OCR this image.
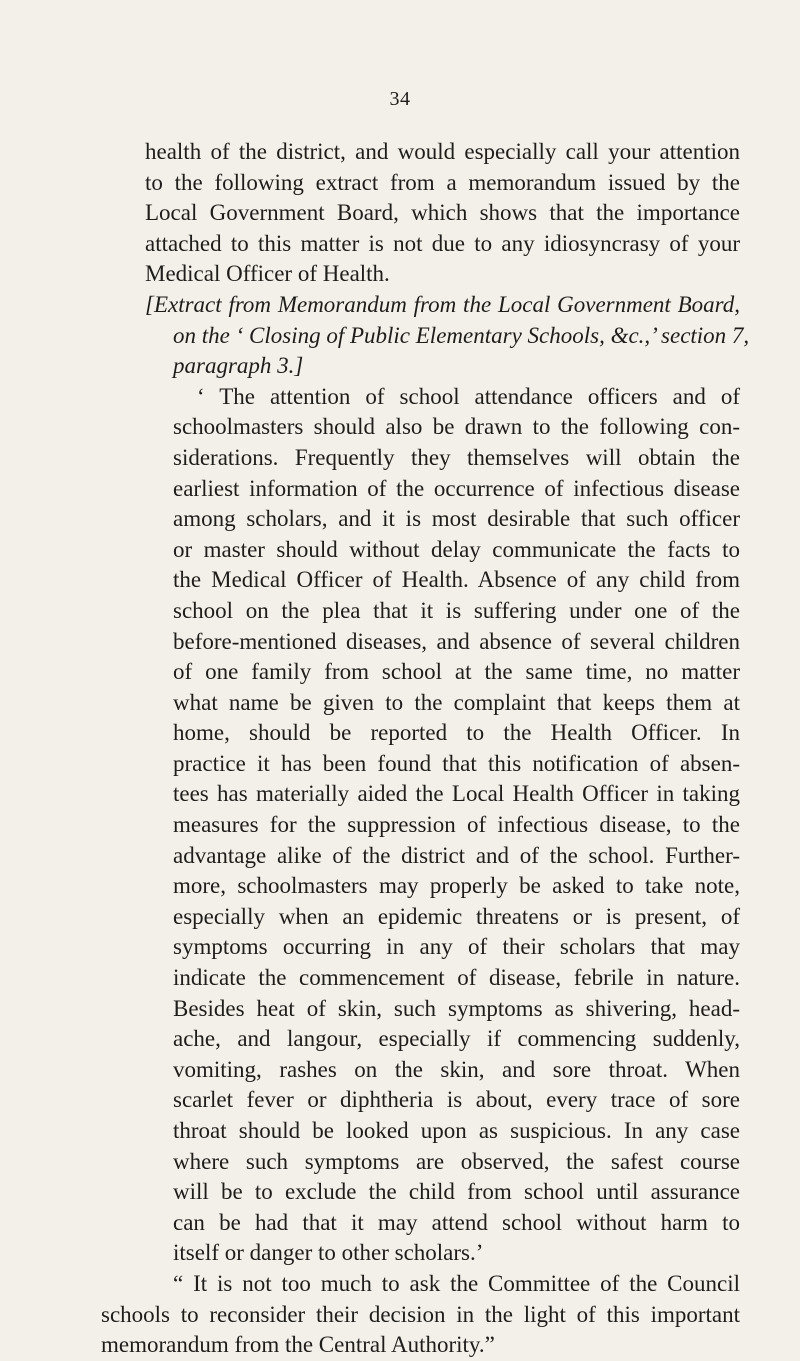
34
health of the district, and would especially call your attention
to the following extract from a memorandum issued by the
Local Government Board, which shows that the importance
attached to this matter is not due to any idiosyncrasy of your
Medical Officer of Health.
[Extract from Memorandum from the Local Government Board,
on the ‘ Closing of Public Elementary Schools, &c.,’ section 7,
paragraph 3.]
‘ The attention of school attendance officers and of
schoolmasters should also be drawn to the following con-
siderations. Frequently they themselves will obtain the
earliest information of the occurrence of infectious disease
among scholars, and it is most desirable that such officer
or master should without delay communicate the facts to
the Medical Officer of Health. Absence of any child from
school on the plea that it is suffering under one of the
before-mentioned diseases, and absence of several children
of one family from school at the same time, no matter
what name be given to the complaint that keeps them at
home, should be reported to the Health Officer. In
practice it has been found that this notification of absen-
tees has materially aided the Local Health Officer in taking
measures for the suppression of infectious disease, to the
advantage alike of the district and of the school. Further-
more, schoolmasters may properly be asked to take note,
especially when an epidemic threatens or is present, of
symptoms occurring in any of their scholars that may
indicate the commencement of disease, febrile in nature.
Besides heat of skin, such symptoms as shivering, head-
ache, and langour, especially if commencing suddenly,
vomiting, rashes on the skin, and sore throat. When
scarlet fever or diphtheria is about, every trace of sore
throat should be looked upon as suspicious. In any case
where such symptoms are observed, the safest course
will be to exclude the child from school until assurance
can be had that it may attend school without harm to
itself or danger to other scholars.’
“ It is not too much to ask the Committee of the Council
schools to reconsider their decision in the light of this important
memorandum from the Central Authority.”
